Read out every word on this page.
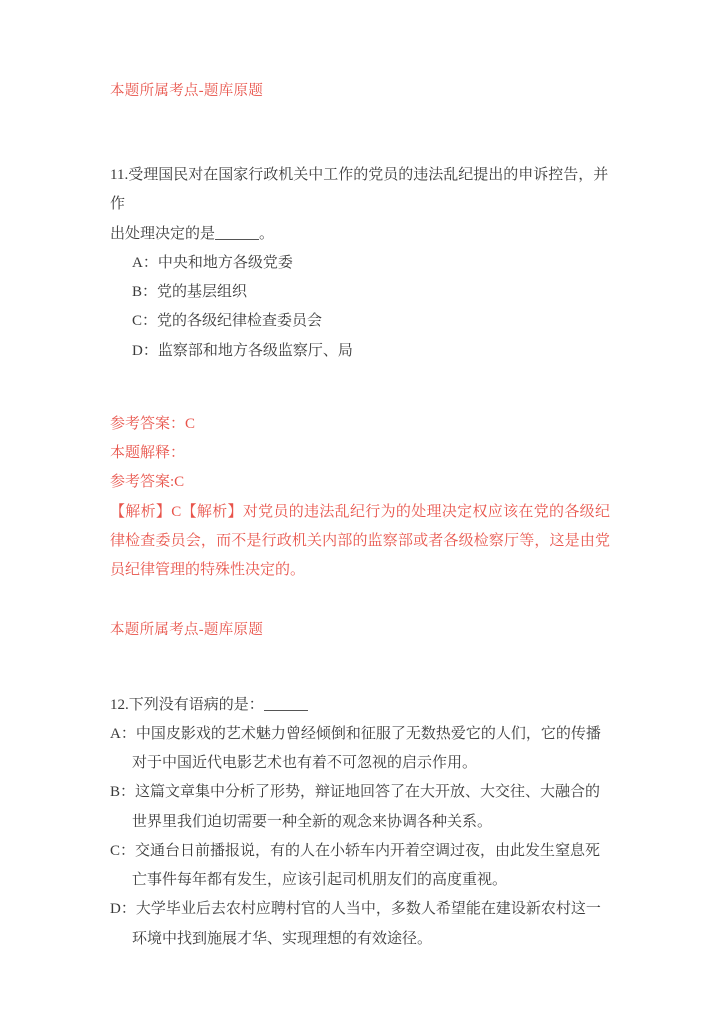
本题所属考点-题库原题

11.受理国民对在国家行政机关中工作的党员的违法乱纪提出的申诉控告，并作

出处理决定的是	。

A：中央和地方各级党委

B：党的基层组织

C：党的各级纪律检查委员会

D：监察部和地方各级监察厅、局

参考答案：C

本题解释：

参考答案:C

【解析】C【解析】对党员的违法乱纪行为的处理决定权应该在党的各级纪律检查委员会，而不是行政机关内部的监察部或者各级检察厅等，这是由党员纪律管理的特殊性决定的。

本题所属考点-题库原题

12.下列没有语病的是：

A：中国皮影戏的艺术魅力曾经倾倒和征服了无数热爱它的人们，它的传播对于中国近代电影艺术也有着不可忽视的启示作用。

B：这篇文章集中分析了形势，辩证地回答了在大开放、大交往、大融合的世界里我们迫切需要一种全新的观念来协调各种关系。

C：交通台日前播报说，有的人在小轿车内开着空调过夜，由此发生窒息死亡事件每年都有发生，应该引起司机朋友们的高度重视。

D：大学毕业后去农村应聘村官的人当中，多数人希望能在建设新农村这一环境中找到施展才华、实现理想的有效途径。
